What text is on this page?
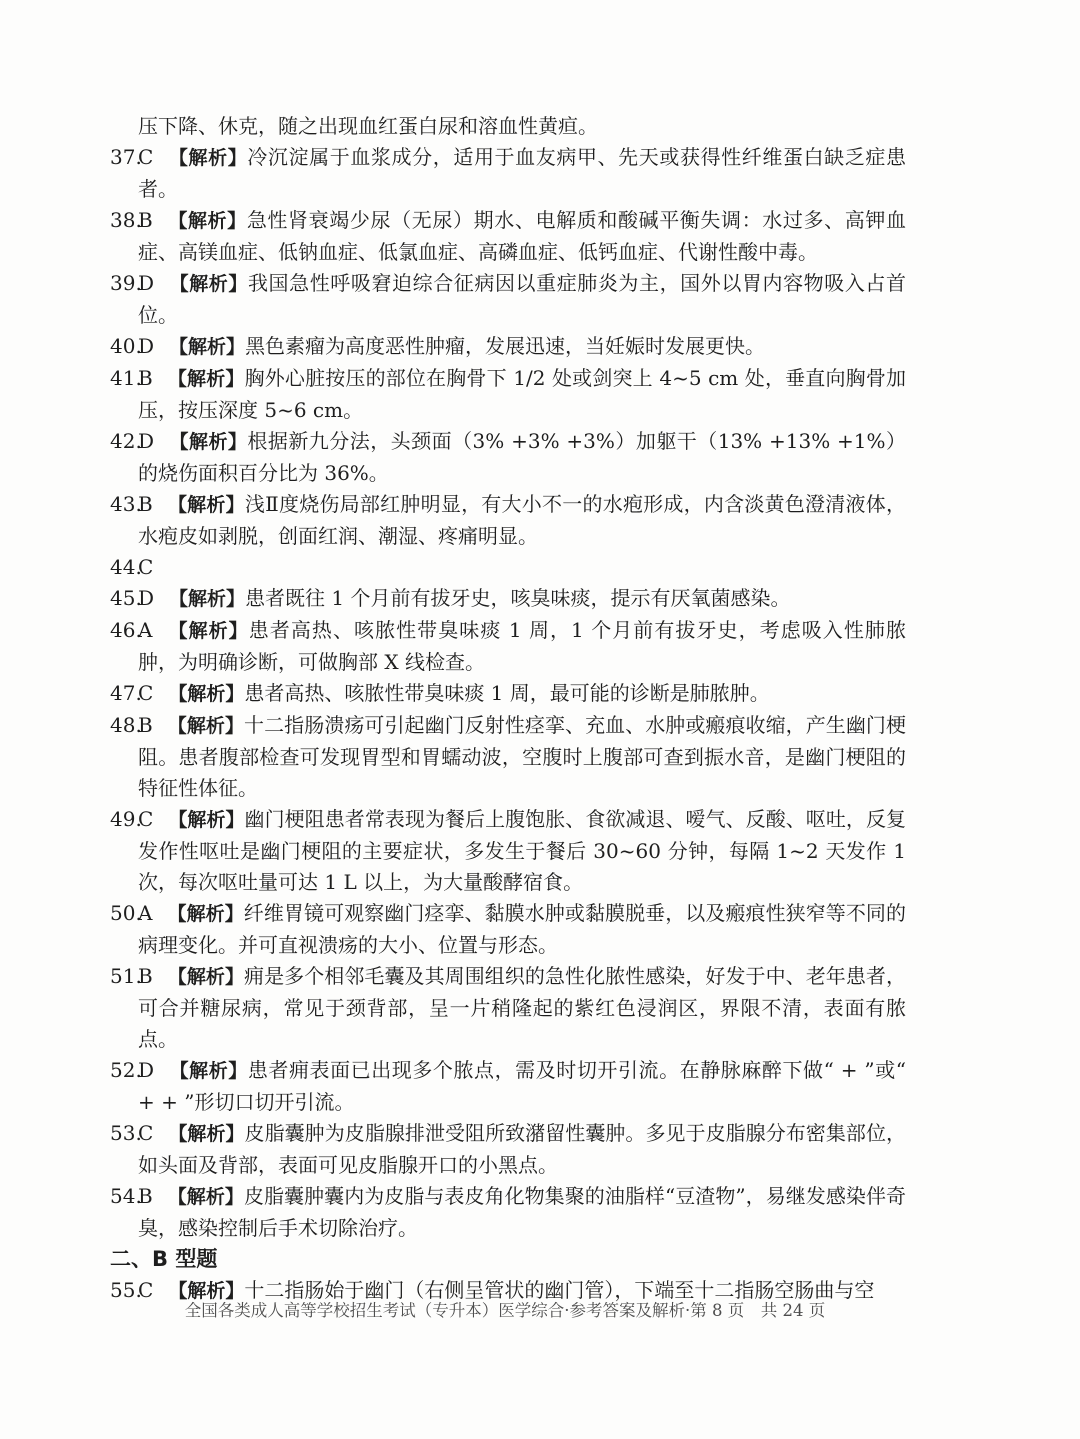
压下降、休克，随之出现血红蛋白尿和溶血性黄疸。

37.C 【解析】冷沉淀属于血浆成分，适用于血友病甲、先天或获得性纤维蛋白缺乏症患者。

38.B 【解析】急性肾衰竭少尿（无尿）期水、电解质和酸碱平衡失调：水过多、高钾血症、高镁血症、低钠血症、低氯血症、高磷血症、低钙血症、代谢性酸中毒。

39.D 【解析】我国急性呼吸窘迫综合征病因以重症肺炎为主，国外以胃内容物吸入占首位。

40.D 【解析】黑色素瘤为高度恶性肿瘤，发展迅速，当妊娠时发展更快。

41.B 【解析】胸外心脏按压的部位在胸骨下 1/2 处或剑突上 4~5 cm 处，垂直向胸骨加压，按压深度 5~6 cm。

42.D 【解析】根据新九分法，头颈面（3% +3% +3%）加躯干（13% +13% +1%）的烧伤面积百分比为 36%。

43.B 【解析】浅Ⅱ度烧伤局部红肿明显，有大小不一的水疱形成，内含淡黄色澄清液体，水疱皮如剥脱，创面红润、潮湿、疼痛明显。

44.C

45.D 【解析】患者既往 1 个月前有拔牙史，咳臭味痰，提示有厌氧菌感染。

46.A 【解析】患者高热、咳脓性带臭味痰 1 周，1 个月前有拔牙史，考虑吸入性肺脓肿，为明确诊断，可做胸部 X 线检查。

47.C 【解析】患者高热、咳脓性带臭味痰 1 周，最可能的诊断是肺脓肿。

48.B 【解析】十二指肠溃疡可引起幽门反射性痉挛、充血、水肿或瘢痕收缩，产生幽门梗阻。患者腹部检查可发现胃型和胃蠕动波，空腹时上腹部可查到振水音，是幽门梗阻的特征性体征。

49.C 【解析】幽门梗阻患者常表现为餐后上腹饱胀、食欲减退、嗳气、反酸、呕吐，反复发作性呕吐是幽门梗阻的主要症状，多发生于餐后 30~60 分钟，每隔 1~2 天发作 1 次，每次呕吐量可达 1 L 以上，为大量酸酵宿食。

50.A 【解析】纤维胃镜可观察幽门痉挛、黏膜水肿或黏膜脱垂，以及瘢痕性狭窄等不同的病理变化。并可直视溃疡的大小、位置与形态。

51.B 【解析】痈是多个相邻毛囊及其周围组织的急性化脓性感染，好发于中、老年患者，可合并糖尿病，常见于颈背部，呈一片稍隆起的紫红色浸润区，界限不清，表面有脓点。

52.D 【解析】患者痈表面已出现多个脓点，需及时切开引流。在静脉麻醉下做“ + ”或“ + + ”形切口切开引流。

53.C 【解析】皮脂囊肿为皮脂腺排泄受阻所致潴留性囊肿。多见于皮脂腺分布密集部位，如头面及背部，表面可见皮脂腺开口的小黑点。

54.B 【解析】皮脂囊肿囊内为皮脂与表皮角化物集聚的油脂样“豆渣物”，易继发感染伴奇臭，感染控制后手术切除治疗。

二、B 型题

55.C 【解析】十二指肠始于幽门（右侧呈管状的幽门管），下端至十二指肠空肠曲与空

全国各类成人高等学校招生考试（专升本）医学综合·参考答案及解析·第 8 页　共 24 页
